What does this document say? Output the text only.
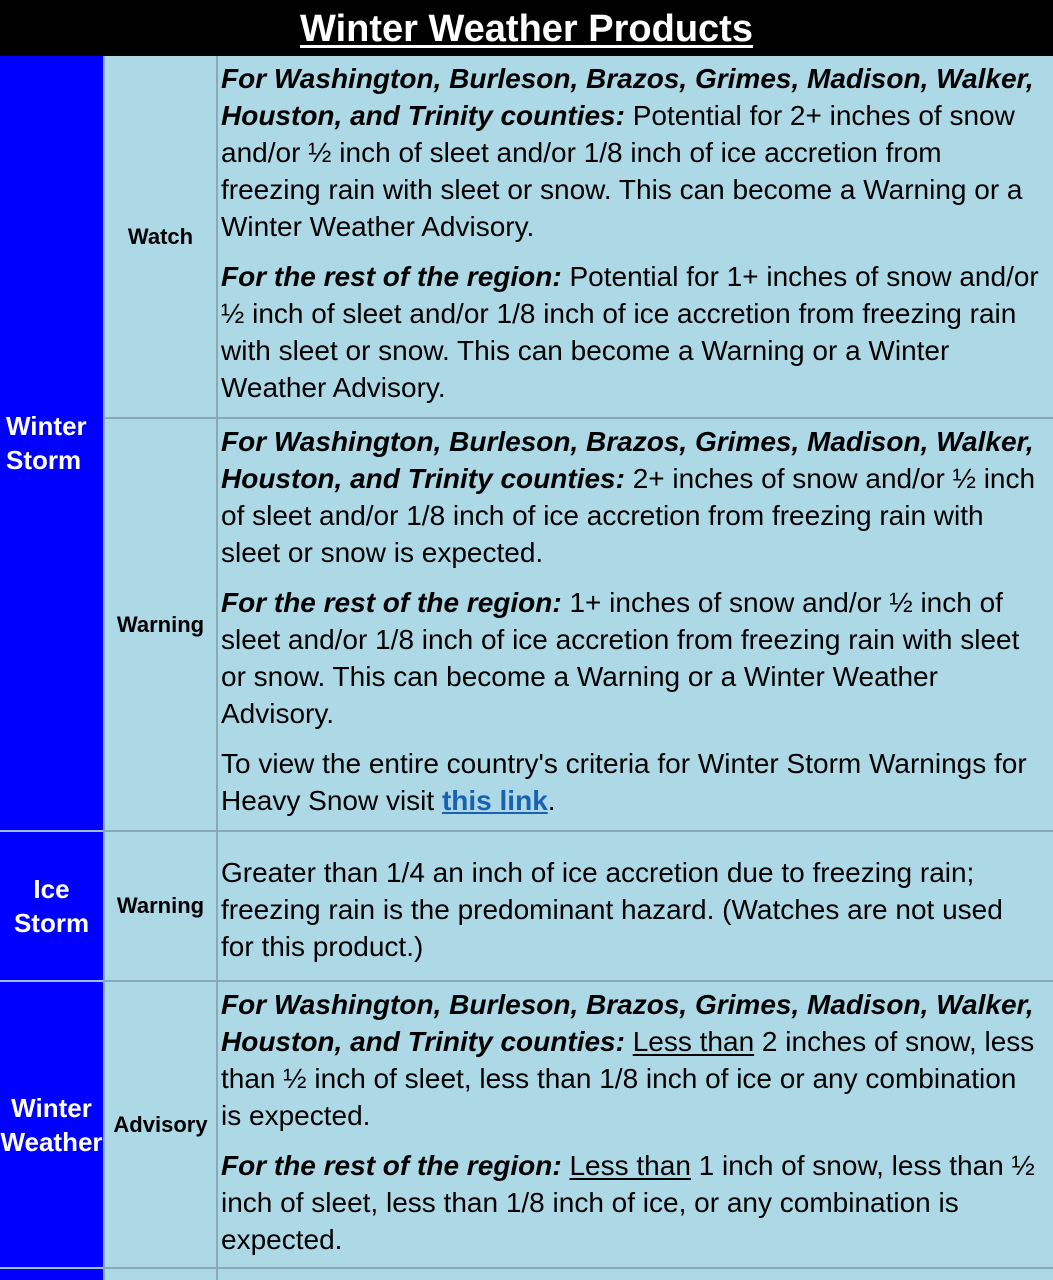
Winter Weather Products
Winter Storm
Watch

For Washington, Burleson, Brazos, Grimes, Madison, Walker, Houston, and Trinity counties: Potential for 2+ inches of snow and/or ½ inch of sleet and/or 1/8 inch of ice accretion from freezing rain with sleet or snow. This can become a Warning or a Winter Weather Advisory.

For the rest of the region: Potential for 1+ inches of snow and/or ½ inch of sleet and/or 1/8 inch of ice accretion from freezing rain with sleet or snow. This can become a Warning or a Winter Weather Advisory.

Warning

For Washington, Burleson, Brazos, Grimes, Madison, Walker, Houston, and Trinity counties: 2+ inches of snow and/or ½ inch of sleet and/or 1/8 inch of ice accretion from freezing rain with sleet or snow is expected.

For the rest of the region: 1+ inches of snow and/or ½ inch of sleet and/or 1/8 inch of ice accretion from freezing rain with sleet or snow. This can become a Warning or a Winter Weather Advisory.

To view the entire country's criteria for Winter Storm Warnings for Heavy Snow visit this link.

Ice Storm
Warning

Greater than 1/4 an inch of ice accretion due to freezing rain; freezing rain is the predominant hazard. (Watches are not used for this product.)

Winter Weather
Advisory

For Washington, Burleson, Brazos, Grimes, Madison, Walker, Houston, and Trinity counties: Less than 2 inches of snow, less than ½ inch of sleet, less than 1/8 inch of ice or any combination is expected.

For the rest of the region: Less than 1 inch of snow, less than ½ inch of sleet, less than 1/8 inch of ice, or any combination is expected.
